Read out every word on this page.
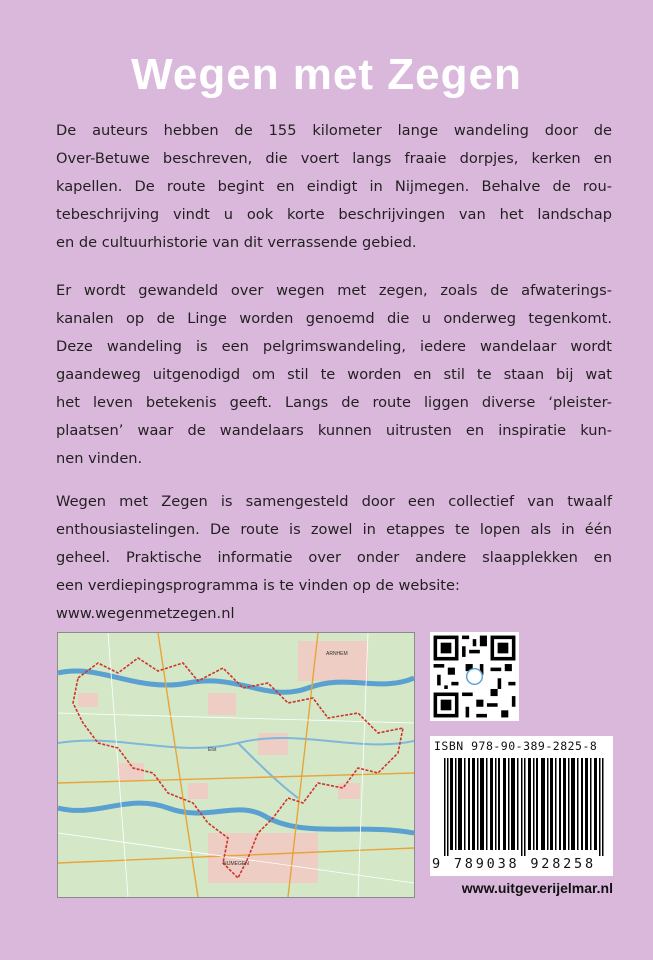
Wegen met Zegen
De auteurs hebben de 155 kilometer lange wandeling door de
Over-Betuwe beschreven, die voert langs fraaie dorpjes, kerken en
kapellen. De route begint en eindigt in Nijmegen. Behalve de rou-
tebeschrijving vindt u ook korte beschrijvingen van het landschap
en de cultuurhistorie van dit verrassende gebied.
Er wordt gewandeld over wegen met zegen, zoals de afwaterings-
kanalen op de Linge worden genoemd die u onderweg tegenkomt.
Deze wandeling is een pelgrimswandeling, iedere wandelaar wordt
gaandeweg uitgenodigd om stil te worden en stil te staan bij wat
het leven betekenis geeft. Langs de route liggen diverse ‘pleister-
plaatsen’ waar de wandelaars kunnen uitrusten en inspiratie kun-
nen vinden.
Wegen met Zegen is samengesteld door een collectief van twaalf
enthousiastelingen. De route is zowel in etappes te lopen als in één
geheel. Praktische informatie over onder andere slaapplekken en
een verdiepingsprogramma is te vinden op de website:
www.wegenmetzegen.nl
ARNHEM
NIJMEGEN
Elst	ISBN 978-90-389-2825-8
9 789038 928258
www.uitgeverijelmar.nl
